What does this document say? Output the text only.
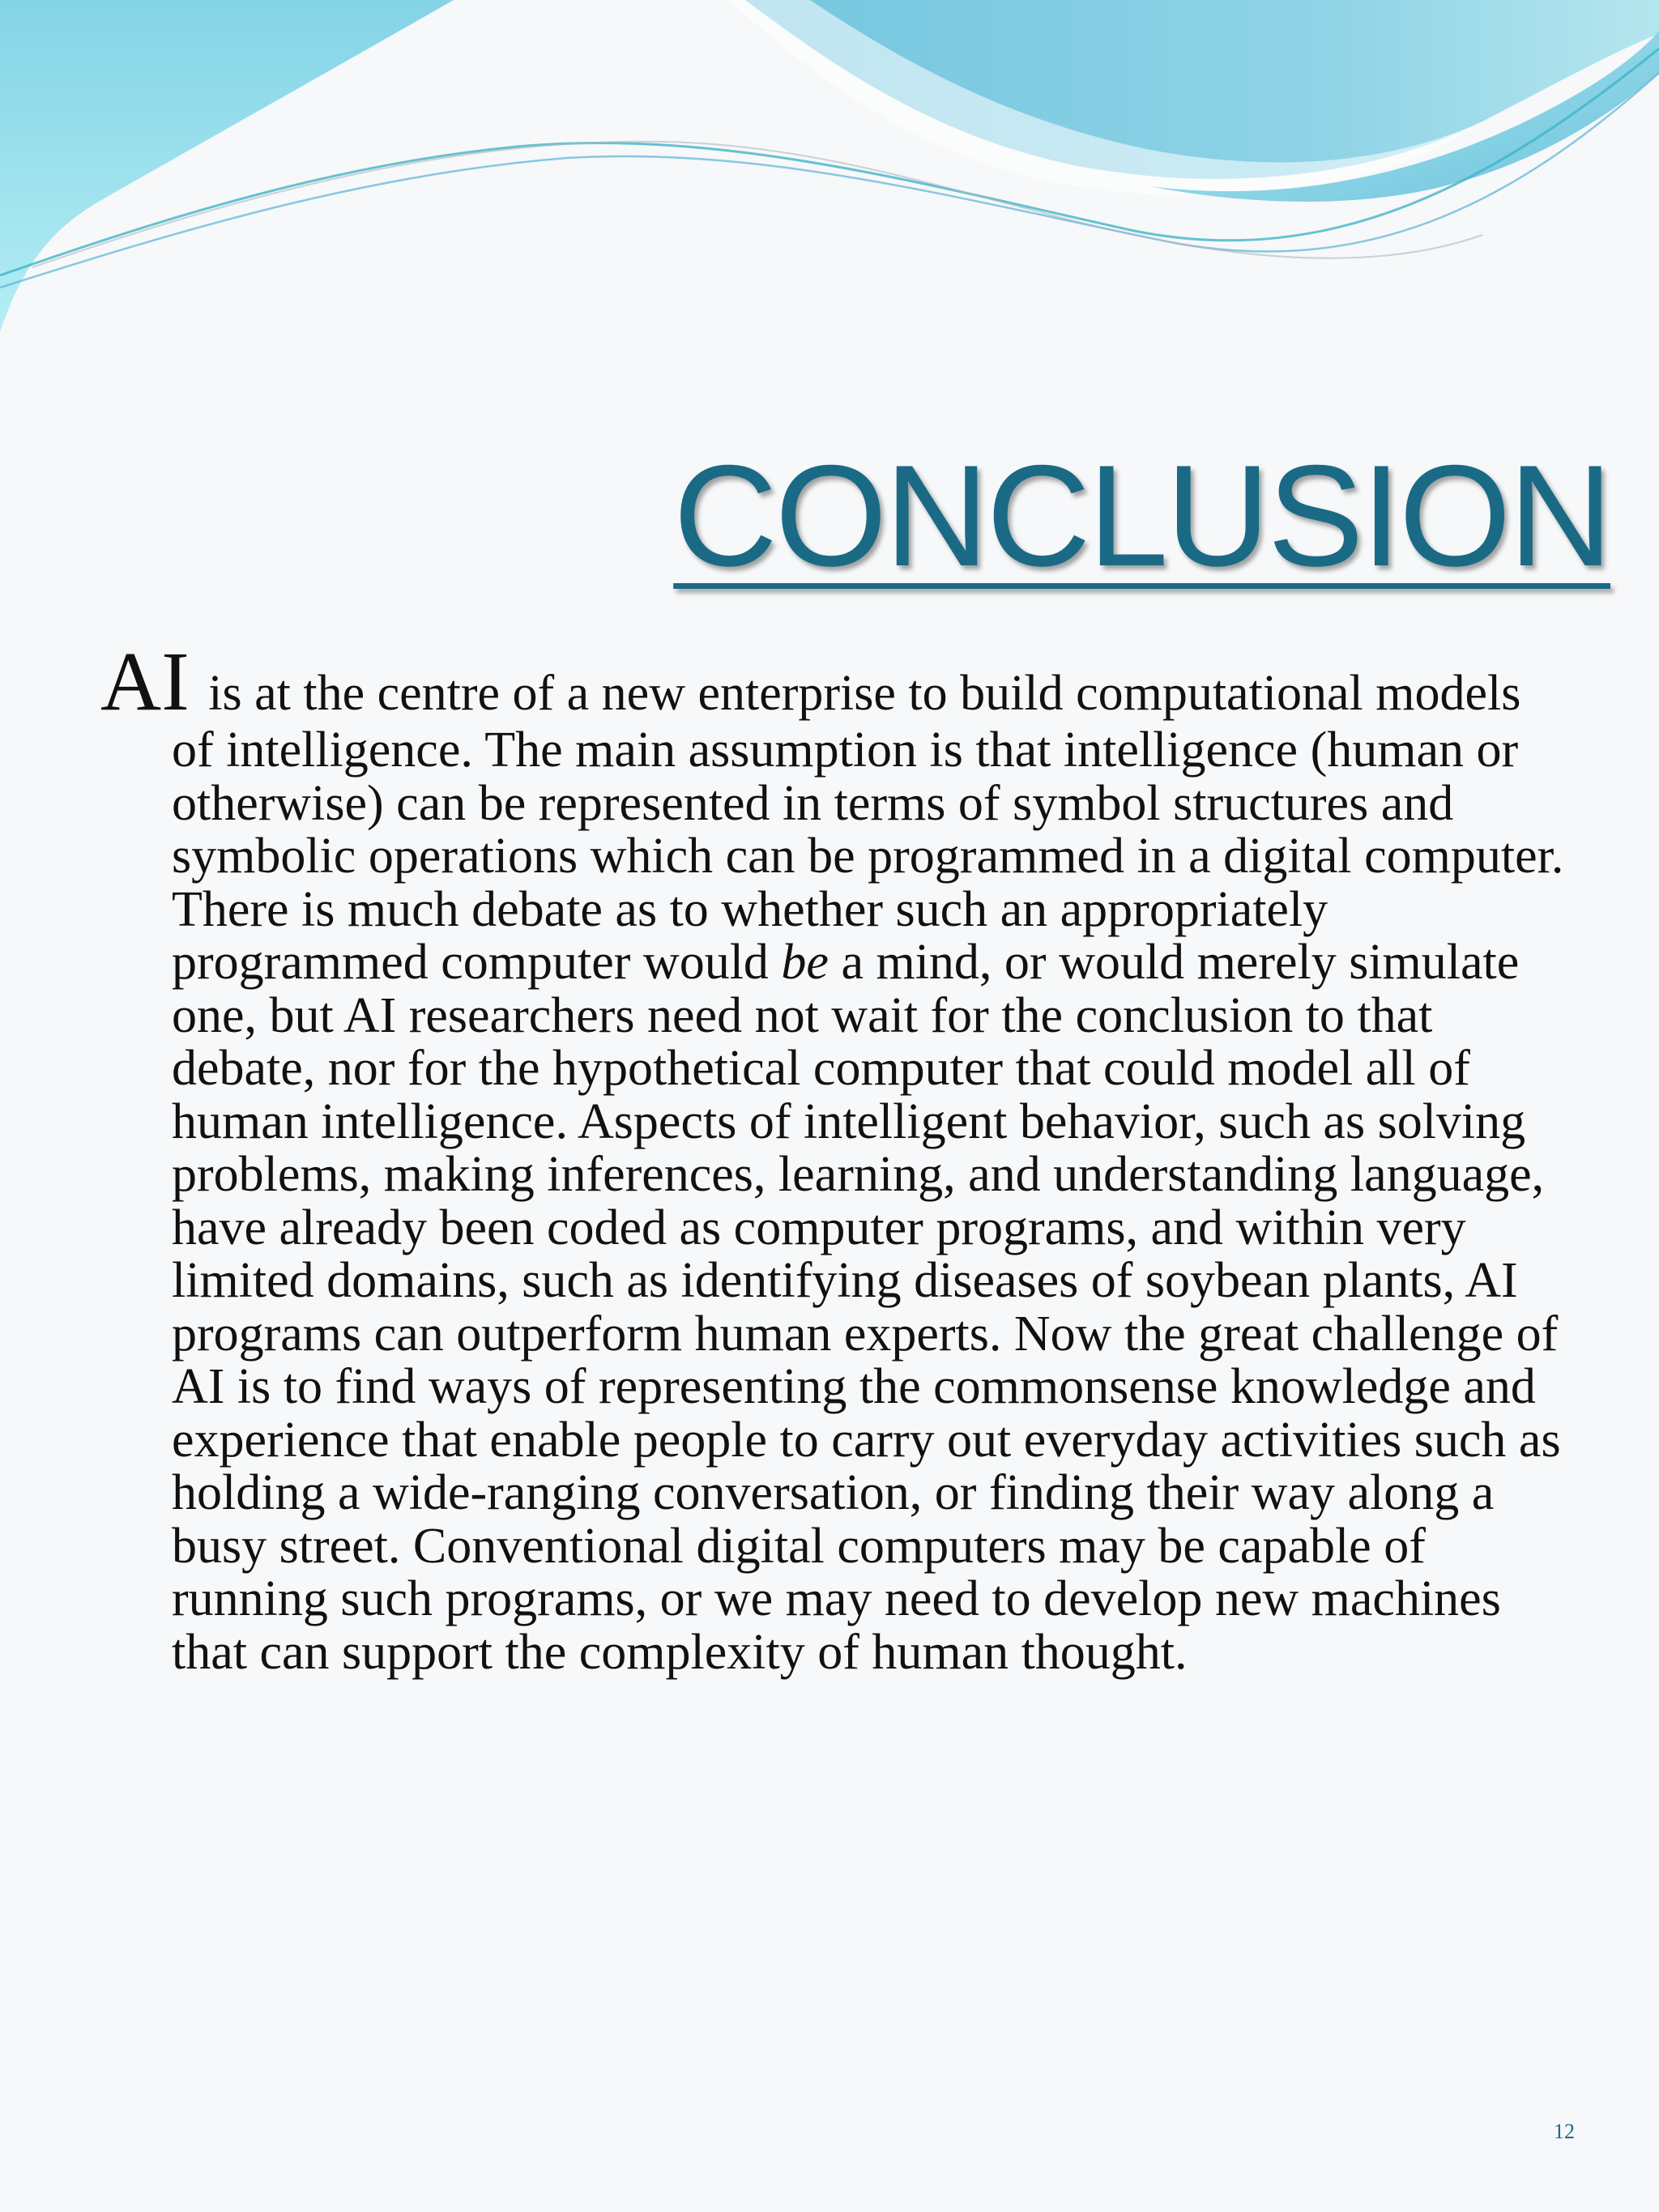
CONCLUSION

AI is at the centre of a new enterprise to build computational models of intelligence. The main assumption is that intelligence (human or otherwise) can be represented in terms of symbol structures and symbolic operations which can be programmed in a digital computer. There is much debate as to whether such an appropriately programmed computer would be a mind, or would merely simulate one, but AI researchers need not wait for the conclusion to that debate, nor for the hypothetical computer that could model all of human intelligence. Aspects of intelligent behavior, such as solving problems, making inferences, learning, and understanding language, have already been coded as computer programs, and within very limited domains, such as identifying diseases of soybean plants, AI programs can outperform human experts. Now the great challenge of AI is to find ways of representing the commonsense knowledge and experience that enable people to carry out everyday activities such as holding a wide-ranging conversation, or finding their way along a busy street. Conventional digital computers may be capable of running such programs, or we may need to develop new machines that can support the complexity of human thought.

12
